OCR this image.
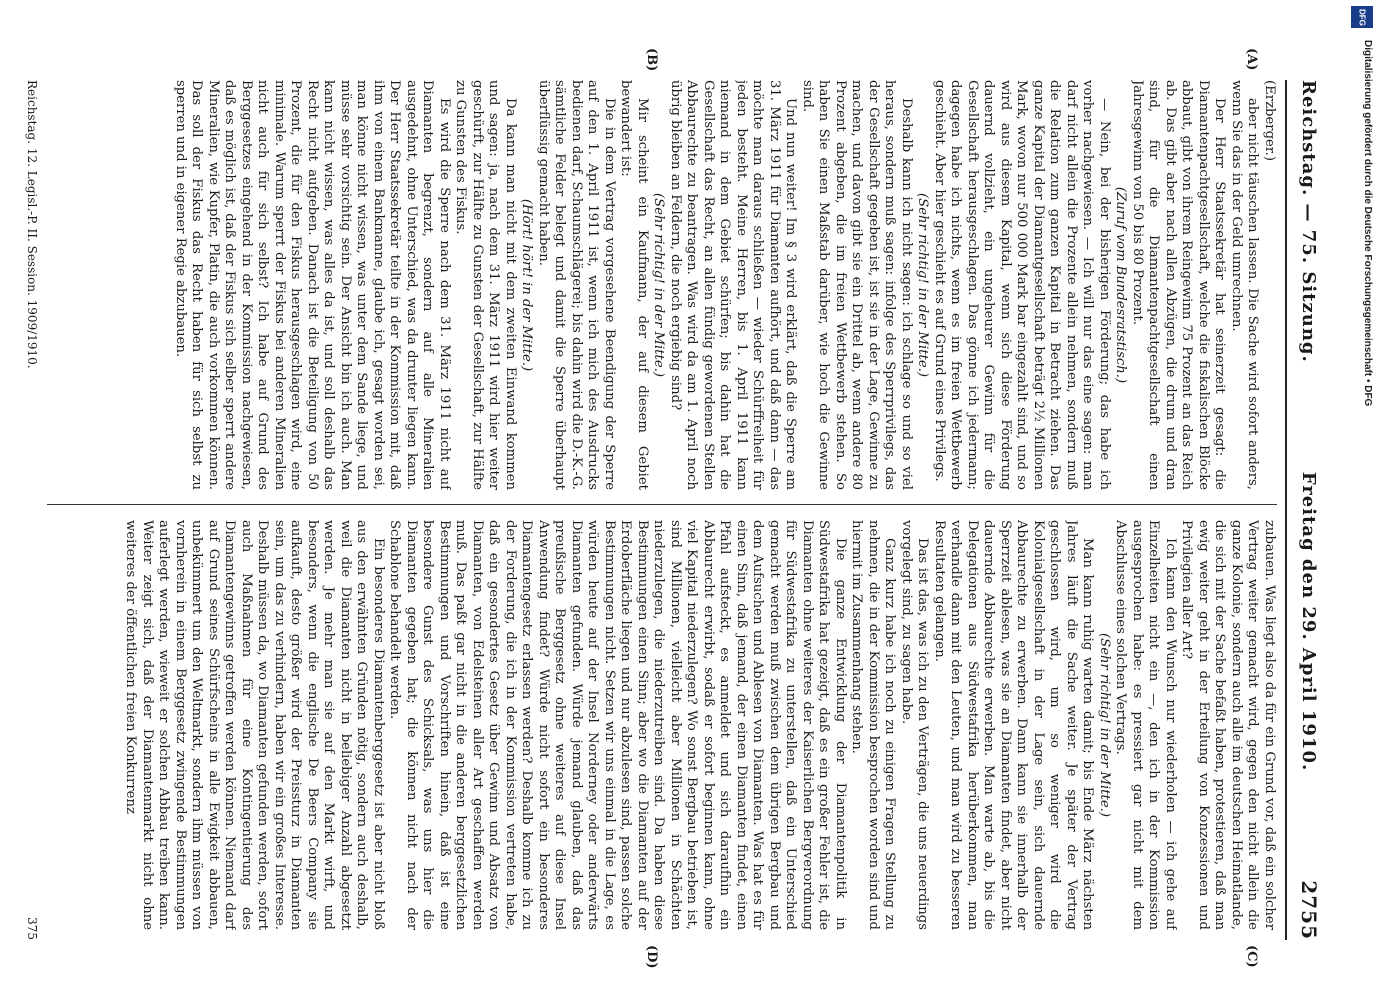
Reichstag. — 75. Sitzung.
Freitag den 29. April 1910.
2755

(Erzberger.)

aber nicht täuschen lassen. Die Sache wird sofort anders, wenn Sie das in der Geld umrechnen.

Der Herr Staatssekretär hat seinerzeit gesagt: die Diamantenpachtgesellschaft, welche die fiskalischen Blöcke abbaut, gibt von ihrem Reingewinn 75 Prozent an das Reich ab. Das gibt aber nach allen Abzügen, die drum und dran sind, für die Diamantenpachtgesellschaft einen Jahresgewinn von 50 bis 80 Prozent.

(Zuruf vom Bundesratstisch.)

— Nein, bei der bisherigen Förderung; das habe ich vorher nachgewiesen. — Ich will nur das eine sagen: man darf nicht allein die Prozente allein nehmen, sondern muß die Relation zum ganzen Kapital in Betracht ziehen. Das ganze Kapital der Diamantgesellschaft beträgt 2½ Millionen Mark, wovon nur 500 000 Mark bar eingezahlt sind, und so wird aus diesem Kapital, wenn sich diese Förderung dauernd vollzieht, ein ungeheurer Gewinn für die Gesellschaft herausgeschlagen. Das gönne ich jedermann; dagegen habe ich nichts, wenn es im freien Wettbewerb geschieht. Aber hier geschieht es auf Grund eines Privilegs.

(Sehr richtig! in der Mitte.)

Deshalb kann ich nicht sagen: ich schlage so und so viel heraus, sondern muß sagen: infolge des Sperrprivilegs, das der Gesellschaft gegeben ist, ist sie in der Lage, Gewinne zu machen, und davon gibt sie ein Drittel ab, wenn andere 80 Prozent abgeben, die im freien Wettbewerb stehen. So haben Sie einen Maßstab darüber, wie hoch die Gewinne sind.

Und nun weiter! Im § 3 wird erklärt, daß die Sperre am 31. März 1911 für Diamanten aufhört, und daß dann — das möchte man daraus schließen — wieder Schürffreiheit für jeden besteht. Meine Herren, bis 1. April 1911 kann niemand in dem Gebiet schürfen; bis dahin hat die Gesellschaft das Recht, an allen fündig gewordenen Stellen Abbaurechte zu beantragen. Was wird da am 1. April noch übrig bleiben an Feldern, die noch ergiebig sind?

(Sehr richtig! in der Mitte.)

Mir scheint ein Kaufmann, der auf diesem Gebiet bewandert ist:

Die in dem Vertrag vorgesehene Beendigung der Sperre auf den 1. April 1911 ist, wenn ich mich des Ausdrucks bedienen darf, Schaumschlägerei; bis dahin wird die D.-K.-G. sämtliche Felder belegt und damit die Sperre überhaupt überflüssig gemacht haben.

(Hört! hört! in der Mitte.)

Da kann man nicht mit dem zweiten Einwand kommen und sagen: ja, nach dem 31. März 1911 wird hier weiter geschürft, zur Hälfte zu Gunsten der Gesellschaft, zur Hälfte zu Gunsten des Fiskus.

Es wird die Sperre nach dem 31. März 1911 nicht auf Diamanten begrenzt, sondern auf alle Mineralien ausgedehnt, ohne Unterschied, was da drunter liegen kann. Der Herr Staatssekretär teilte in der Kommission mit, daß ihm von einem Bankmanne, glaube ich, gesagt worden sei, man könne nicht wissen, was unter dem Sande liege, und müsse sehr vorsichtig sein. Der Ansicht bin ich auch. Man kann nicht wissen, was alles da ist, und soll deshalb das Recht nicht aufgeben. Danach ist die Beteiligung von 50 Prozent, die für den Fiskus herausgeschlagen wird, eine minimale. Warum sperrt der Fiskus bei anderen Mineralien nicht auch für sich selbst? Ich habe auf Grund des Berggesetzes eingehend in der Kommission nachgewiesen, daß es möglich ist, daß der Fiskus sich selber sperrt andere Mineralien, wie Kupfer, Platin, die auch vorkommen können. Das soll der Fiskus das Recht haben für sich selbst zu sperren und in eigener Regie abzubauen.

zubauen. Was liegt also da für ein Grund vor, daß ein solcher Vertrag weiter gemacht wird, gegen den nicht allein die ganze Kolonie, sondern auch alle im deutschen Heimatlande, die sich mit der Sache befaßt haben, protestieren, daß man ewig weiter geht in der Erteilung von Konzessionen und Privilegien aller Art?

Ich kann den Wunsch nur wiederholen — ich gehe auf Einzelheiten nicht ein —, den ich in der Kommission ausgesprochen habe: es pressiert gar nicht mit dem Abschlusse eines solchen Vertrags.

(Sehr richtig! in der Mitte.)

Man kann ruhig warten damit; bis Ende März nächsten Jahres läuft die Sache weiter. Je später der Vertrag geschlossen wird, um so weniger wird die Kolonialgesellschaft in der Lage sein, sich dauernde Abbaurechte zu erwerben. Dann kann sie innerhalb der Sperrzeit ablesen, was sie an Diamanten findet, aber nicht dauernde Abbaurechte erwerben. Man warte ab, bis die Delegationen aus Südwestafrika herüberkommen, man verhandle dann mit den Leuten, und man wird zu besseren Resultaten gelangen.

Das ist das, was ich zu den Verträgen, die uns neuerdings vorgelegt sind, zu sagen habe.

Ganz kurz habe ich noch zu einigen Fragen Stellung zu nehmen, die in der Kommission besprochen worden sind und hiermit im Zusammenhang stehen.

Die ganze Entwicklung der Diamantenpolitik in Südwestafrika hat gezeigt, daß es ein großer Fehler ist, die Diamanten ohne weiteres der Kaiserlichen Bergverordnung für Südwestafrika zu unterstellen, daß ein Unterschied gemacht werden muß zwischen dem übrigen Bergbau und dem Aufsuchen und Ablesen von Diamanten. Was hat es für einen Sinn, daß jemand, der einen Diamanten findet, einen Pfahl aufsteckt, es anmeldet und sich daraufhin ein Abbaurecht erwirbt, sodaß er sofort beginnen kann, ohne viel Kapital niederzulegen? Wo sonst Bergbau betrieben ist, sind Millionen, vielleicht aber Millionen in Schächten niederzulegen, die niederzutreiben sind. Da haben diese Bestimmungen einen Sinn; aber wo die Diamanten auf der Erdoberfläche liegen und nur abzulesen sind, passen solche Bestimmungen nicht. Setzen wir uns einmal in die Lage, es würden heute auf der Insel Norderney oder anderwärts Diamanten gefunden. Würde jemand glauben, daß das preußische Berggesetz ohne weiteres auf diese Insel Anwendung findet? Würde nicht sofort ein besonderes Diamantengesetz erlassen werden? Deshalb komme ich zu der Forderung, die ich in der Kommission vertreten habe, daß ein gesondertes Gesetz über Gewinn und Absatz von Diamanten, von Edelsteinen aller Art geschaffen werden muß. Das paßt gar nicht in die anderen berggesetzlichen Bestimmungen und Vorschriften hinein, daß ist eine besondere Gunst des Schicksals, was uns hier die Diamanten gegeben hat; die können nicht nach der Schablone behandelt werden.

Ein besonderes Diamantenberggesetz ist aber nicht bloß aus den erwähnten Gründen nötig, sondern auch deshalb, weil die Diamanten nicht in beliebiger Anzahl abgesetzt werden. Je mehr man sie auf den Markt wirft, und besonders, wenn die englische De Beers Company sie aufkauft, desto größer wird der Preissturz in Diamanten sein, um das zu verhindern, haben wir ein großes Interesse. Deshalb müssen da, wo Diamanten gefunden werden, sofort auch Maßnahmen für eine Kontingentierung des Diamantengewinns getroffen werden können. Niemand darf auf Grund seines Schürfscheins in alle Ewigkeit abbauen, unbekümmert um den Weltmarkt, sondern ihm müssen von vornherein in einem Berggesetz zwingende Bestimmungen auferlegt werden, wieweit er solchen Abbau treiben kann. Weiter zeigt sich, daß der Diamantenmarkt nicht ohne weiteres der öffentlichen freien Konkurrenz

(A)
(B)
(C)
(D)
Reichstag. 12. Legisl.-P. II. Session. 1909/1910.
375
DFG
Digitalisierung gefördert durch die Deutsche Forschungsgemeinschaft • DFG
